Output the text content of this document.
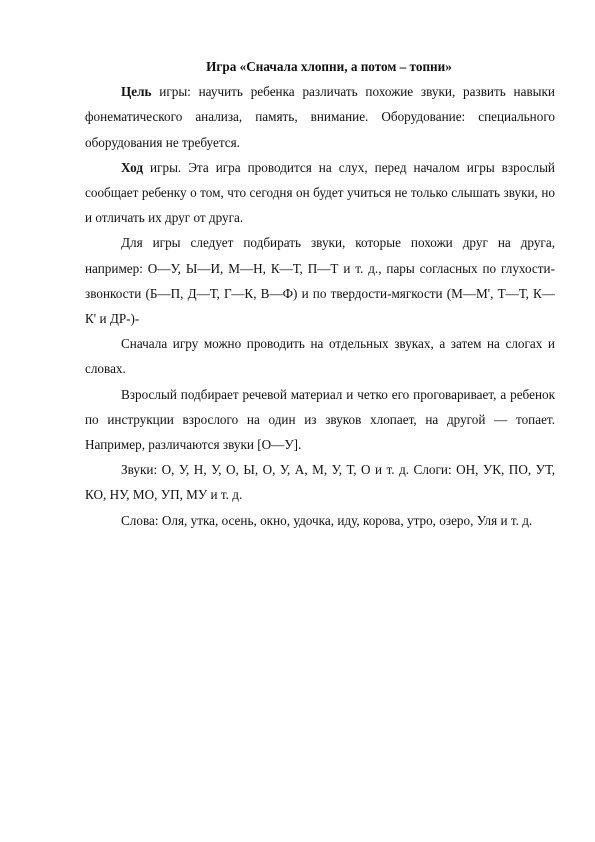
Игра «Сначала хлопни, а потом – топни»

Цель игры: научить ребенка различать похожие звуки, развить навыки фонематического анализа, память, внимание. Оборудование: специального оборудования не требуется.

Ход игры. Эта игра проводится на слух, перед началом игры взрослый сообщает ребенку о том, что сегодня он будет учиться не только слышать звуки, но и отличать их друг от друга.

Для игры следует подбирать звуки, которые похожи друг на друга, например: О—У, Ы—И, М—Н, К—Т, П—Т и т. д., пары согласных по глухости-звонкости (Б—П, Д—Т, Г—К, В—Ф) и по твердости-мягкости (М—М', Т—Т, К—К' и ДР-)-

Сначала игру можно проводить на отдельных звуках, а затем на слогах и словах.

Взрослый подбирает речевой материал и четко его проговаривает, а ребенок по инструкции взрослого на один из звуков хлопает, на другой — топает. Например, различаются звуки [О—У].

Звуки: О, У, Н, У, О, Ы, О, У, А, М, У, Т, О и т. д. Слоги: ОН, УК, ПО, УТ, КО, НУ, МО, УП, МУ и т. д.

Слова: Оля, утка, осень, окно, удочка, иду, корова, утро, озеро, Уля и т. д.
